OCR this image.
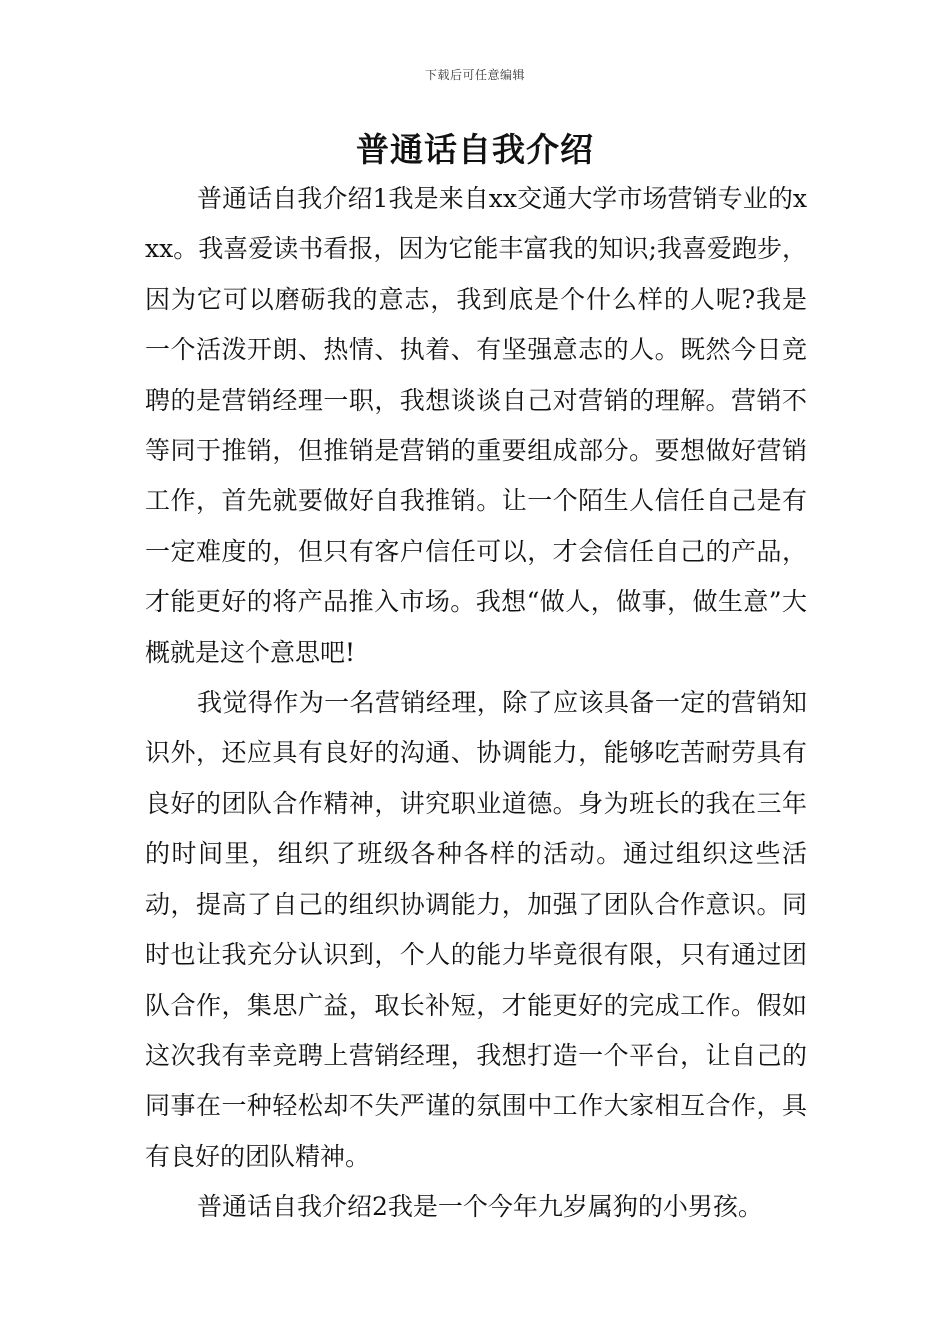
下载后可任意编辑
普通话自我介绍

普通话自我介绍1我是来自xx交通大学市场营销专业的xxx。我喜爱读书看报，因为它能丰富我的知识;我喜爱跑步，因为它可以磨砺我的意志，我到底是个什么样的人呢?我是一个活泼开朗、热情、执着、有坚强意志的人。既然今日竞聘的是营销经理一职，我想谈谈自己对营销的理解。营销不等同于推销，但推销是营销的重要组成部分。要想做好营销工作，首先就要做好自我推销。让一个陌生人信任自己是有一定难度的，但只有客户信任可以，才会信任自己的产品，才能更好的将产品推入市场。我想“做人，做事，做生意”大概就是这个意思吧!

我觉得作为一名营销经理，除了应该具备一定的营销知识外，还应具有良好的沟通、协调能力，能够吃苦耐劳具有良好的团队合作精神，讲究职业道德。身为班长的我在三年的时间里，组织了班级各种各样的活动。通过组织这些活动，提高了自己的组织协调能力，加强了团队合作意识。同时也让我充分认识到，个人的能力毕竟很有限，只有通过团队合作，集思广益，取长补短，才能更好的完成工作。假如这次我有幸竞聘上营销经理，我想打造一个平台，让自己的同事在一种轻松却不失严谨的氛围中工作大家相互合作，具有良好的团队精神。

普通话自我介绍2我是一个今年九岁属狗的小男孩。
